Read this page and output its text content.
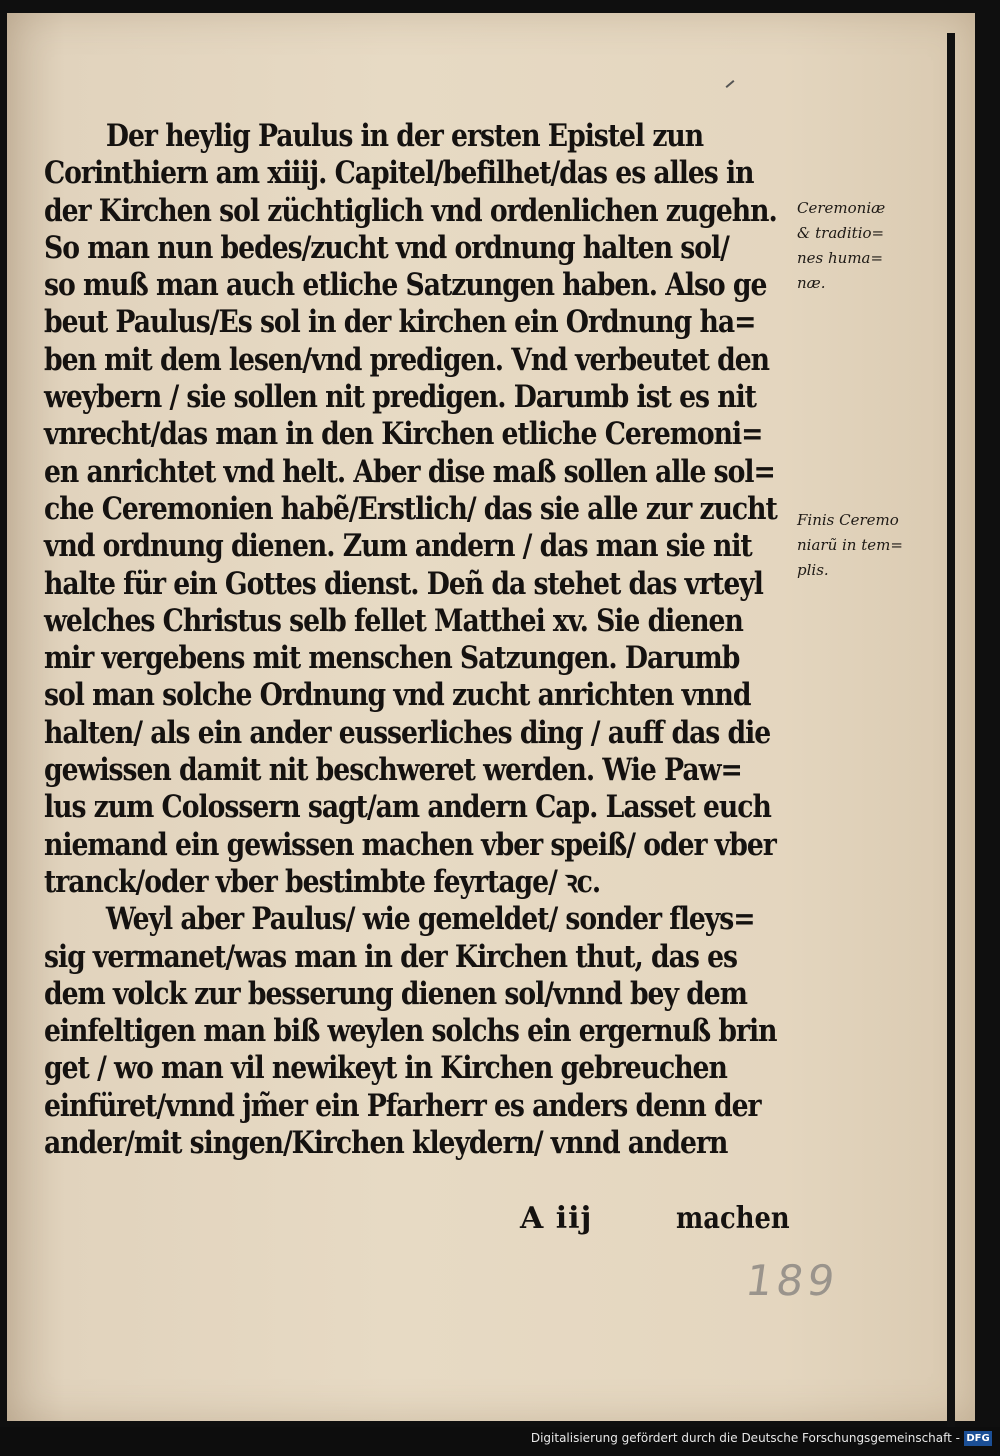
Der heylig Paulus in der ersten Epistel zun
Corinthiern am xiiij. Capitel/befilhet/das es alles in
der Kirchen sol züchtiglich vnd ordenlichen zugehn.
So man nun bedes/zucht vnd ordnung halten sol/
so muß man auch etliche Satzungen haben. Also ge
beut Paulus/Es sol in der kirchen ein Ordnung ha=
ben mit dem lesen/vnd predigen. Vnd verbeutet den
weybern / sie sollen nit predigen. Darumb ist es nit
vnrecht/das man in den Kirchen etliche Ceremoni=
en anrichtet vnd helt. Aber dise maß sollen alle sol=
che Ceremonien habẽ/Erstlich/ das sie alle zur zucht
vnd ordnung dienen. Zum andern / das man sie nit
halte für ein Gottes dienst. Deñ da stehet das vrteyl
welches Christus selb fellet Matthei xv. Sie dienen
mir vergebens mit menschen Satzungen. Darumb
sol man solche Ordnung vnd zucht anrichten vnnd
halten/ als ein ander eusserliches ding / auff das die
gewissen damit nit beschweret werden. Wie Paw=
lus zum Colossern sagt/am andern Cap. Lasset euch
niemand ein gewissen machen vber speiß/ oder vber
tranck/oder vber bestimbte feyrtage/ ꝛc.
Weyl aber Paulus/ wie gemeldet/ sonder fleys=
sig vermanet/was man in der Kirchen thut, das es
dem volck zur besserung dienen sol/vnnd bey dem
einfeltigen man biß weylen solchs ein ergernuß brin
get / wo man vil newikeyt in Kirchen gebreuchen
einfüret/vnnd jm̃er ein Pfarherr es anders denn der
ander/mit singen/Kirchen kleydern/ vnnd andern
A iij	machen
Ceremoniæ
& traditio=
nes huma=
næ.
Finis Ceremo
niarũ in tem=
plis.
189
Digitalisierung gefördert durch die Deutsche Forschungsgemeinschaft - DFG
